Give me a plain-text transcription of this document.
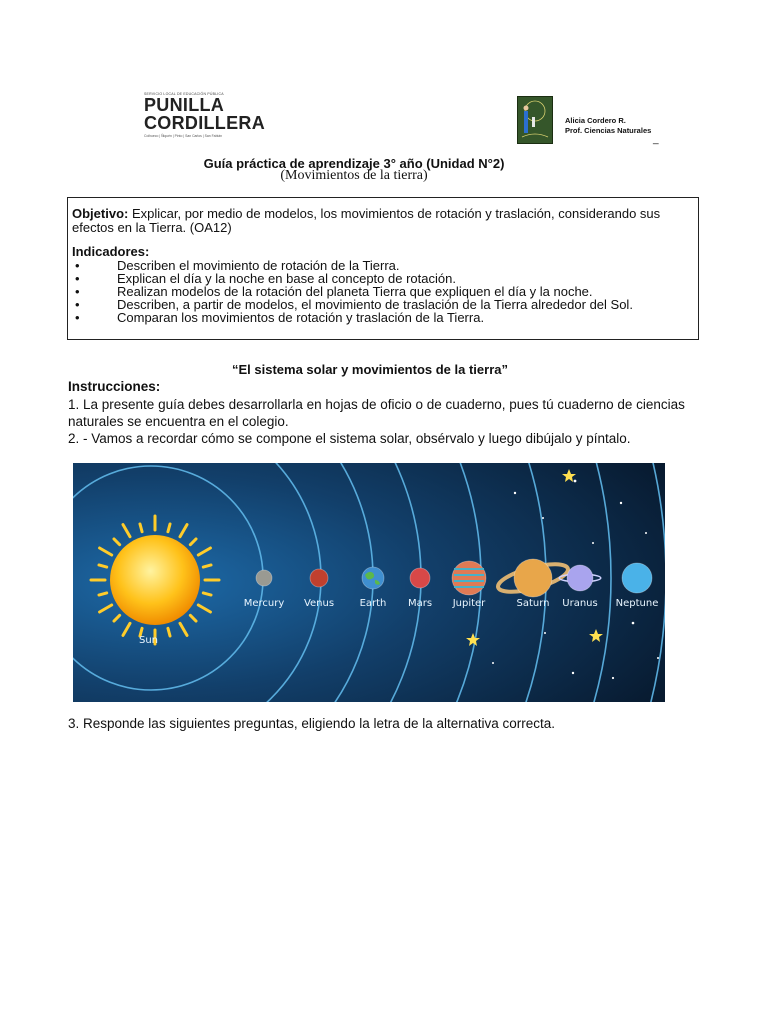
SERVICIO LOCAL DE EDUCACIÓN PÚBLICA
PUNILLA
CORDILLERA
Coihueco | Ñiquén | Pinto | San Carlos | San Fabián
Alicia Cordero R.
Prof. Ciencias Naturales
_
Guía práctica de aprendizaje 3° año (Unidad N°2)
(Movimientos de la tierra)
Objetivo: Explicar, por medio de modelos, los movimientos de rotación y traslación, considerando sus efectos en la Tierra. (OA12)
Indicadores:
•	Describen el movimiento de rotación de la Tierra.
•	Explican el día y la noche en base al concepto de rotación.
•	Realizan modelos de la rotación del planeta Tierra que expliquen el día y la noche.
•	Describen, a partir de modelos, el movimiento de traslación de la Tierra alrededor del Sol.
•	Comparan los movimientos de rotación y traslación de la Tierra.
“El sistema solar y movimientos de la tierra”
Instrucciones:
1. La presente guía debes desarrollarla en hojas de oficio o de cuaderno, pues tú cuaderno de ciencias naturales se encuentra en el colegio.
2. - Vamos a recordar cómo se compone el sistema solar, obsérvalo y luego dibújalo y píntalo.
Sun
Mercury Venus	Earth Mars Jupiter	Saturn Uranus Neptune
3. Responde las siguientes preguntas, eligiendo la letra de la alternativa correcta.
